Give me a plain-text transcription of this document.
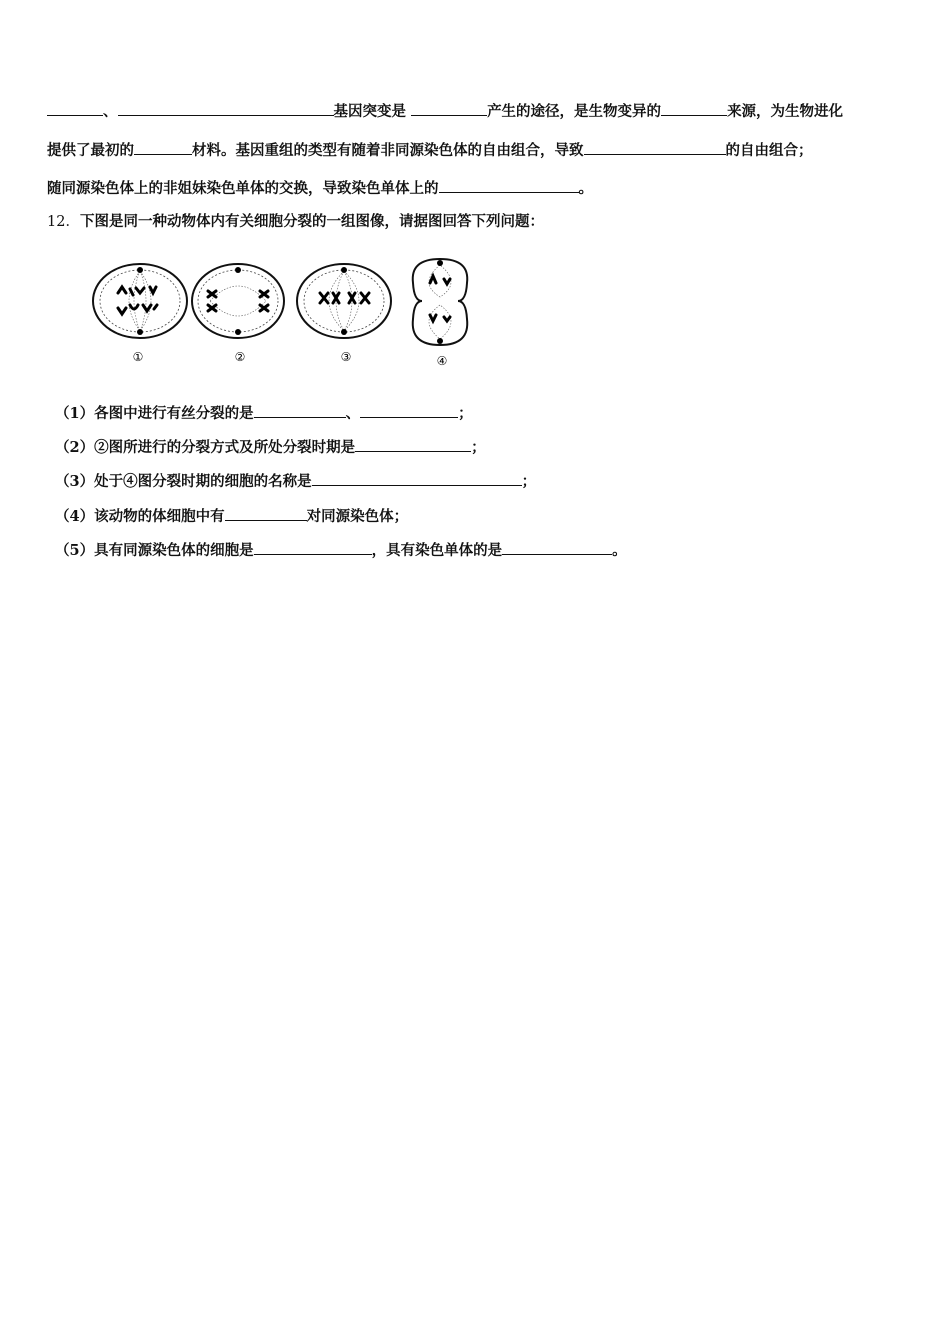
、	基因突变是	产生的途径，是生物变异的	来源，为生物进化
提供了最初的	材料。基因重组的类型有随着非同源染色体的自由组合，导致	的自由组合；
随同源染色体上的非姐妹染色单体的交换，导致染色单体上的	。
12．下图是同一种动物体内有关细胞分裂的一组图像，请据图回答下列问题：
①	②	③	④
（1）各图中进行有丝分裂的是	、	；
（2）②图所进行的分裂方式及所处分裂时期是	；
（3）处于④图分裂时期的细胞的名称是	；
（4）该动物的体细胞中有	对同源染色体；
（5）具有同源染色体的细胞是	，具有染色单体的是	。
